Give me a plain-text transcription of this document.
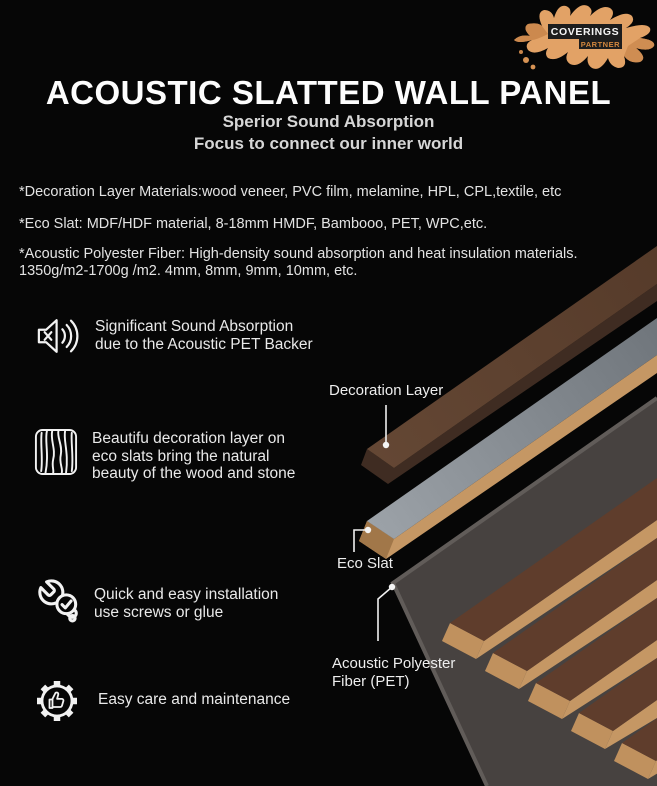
COVERINGS
PARTNER
ACOUSTIC SLATTED WALL PANEL
Sperior Sound Absorption
Focus to connect our inner world
*Decoration Layer Materials:wood veneer, PVC film, melamine, HPL, CPL,textile, etc
*Eco Slat: MDF/HDF material, 8-18mm HMDF, Bambooo, PET, WPC,etc.
*Acoustic Polyester Fiber: High-density sound absorption and heat insulation materials. 1350g/m2-1700g /m2. 4mm, 8mm, 9mm, 10mm, etc.
Significant Sound Absorption
due to the Acoustic PET Backer
Beautifu decoration layer on
eco slats bring the natural
beauty of the wood and stone
Quick and easy installation
use screws or glue
Easy care and maintenance
Decoration Layer
Eco Slat
Acoustic Polyester
Fiber (PET)
